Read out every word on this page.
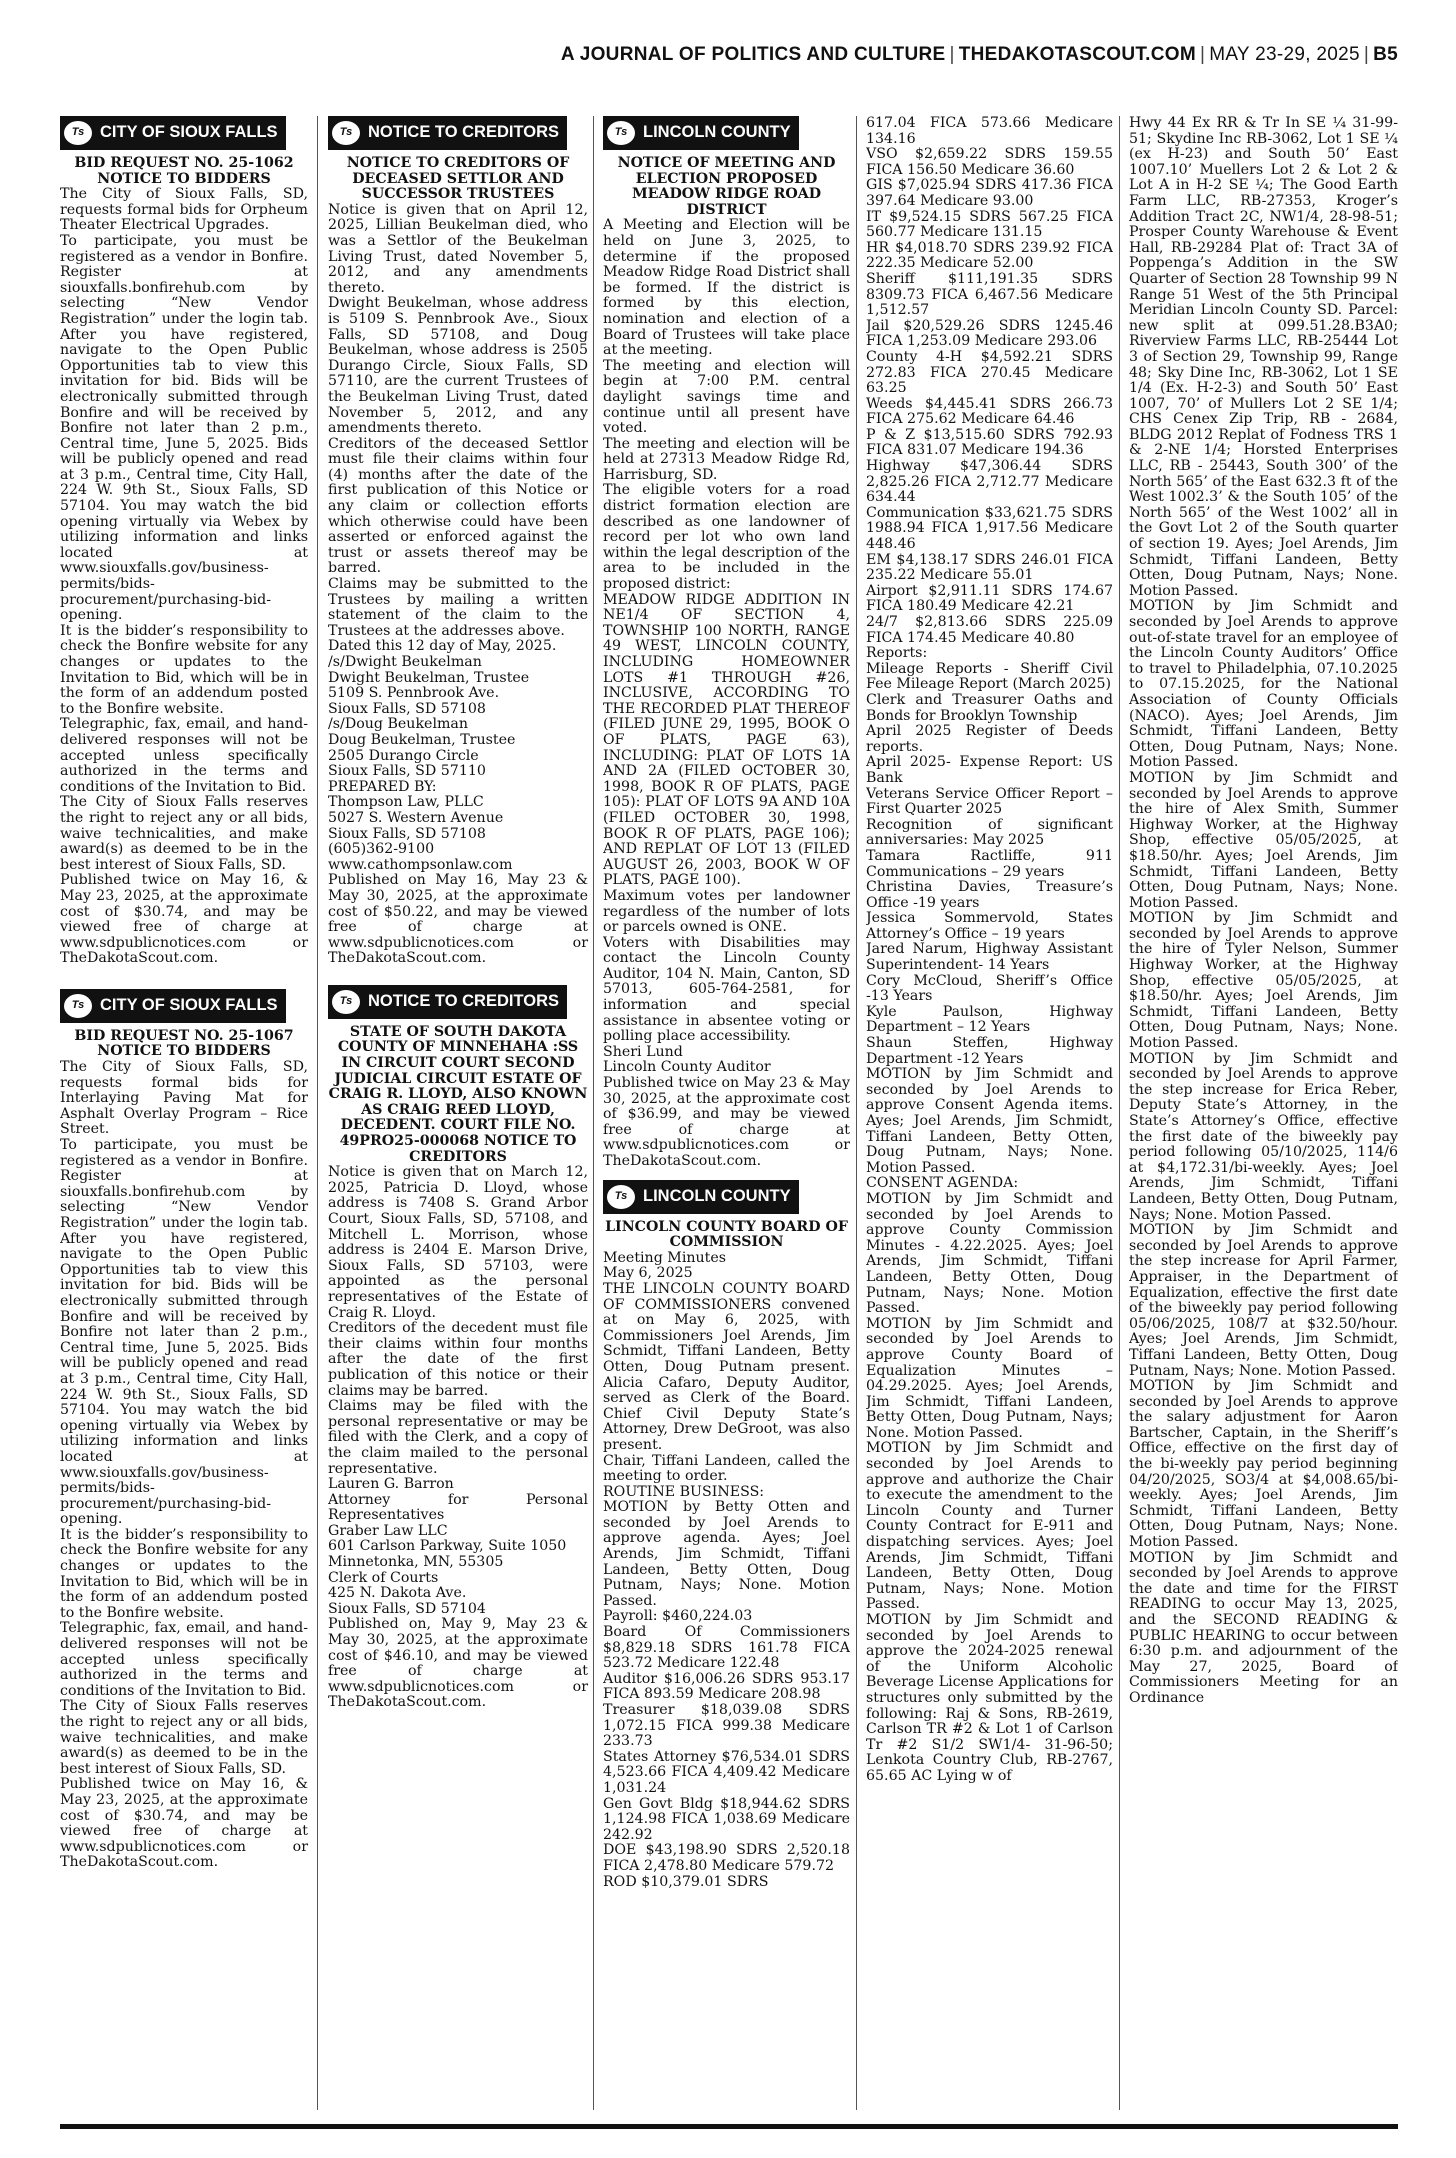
A JOURNAL OF POLITICS AND CULTURE | THEDAKOTASCOUT.COM | MAY 23-29, 2025 | B5
Ts CITY OF SIOUX FALLS

BID REQUEST NO. 25-1062 NOTICE TO BIDDERS

The City of Sioux Falls, SD, requests formal bids for Orpheum Theater Electrical Upgrades.

To participate, you must be registered as a vendor in Bonfire. Register at siouxfalls.bonfirehub.com by selecting “New Vendor Registration” under the login tab. After you have registered, navigate to the Open Public Opportunities tab to view this invitation for bid. Bids will be electronically submitted through Bonfire and will be received by Bonfire not later than 2 p.m., Central time, June 5, 2025. Bids will be publicly opened and read at 3 p.m., Central time, City Hall, 224 W. 9th St., Sioux Falls, SD 57104. You may watch the bid opening virtually via Webex by utilizing information and links located at www.siouxfalls.gov/business-permits/bids-procurement/purchasing-bid-opening.

It is the bidder’s responsibility to check the Bonfire website for any changes or updates to the Invitation to Bid, which will be in the form of an addendum posted to the Bonfire website.

Telegraphic, fax, email, and hand-delivered responses will not be accepted unless specifically authorized in the terms and conditions of the Invitation to Bid.

The City of Sioux Falls reserves the right to reject any or all bids, waive technicalities, and make award(s) as deemed to be in the best interest of Sioux Falls, SD.

Published twice on May 16, & May 23, 2025, at the approximate cost of $30.74, and may be viewed free of charge at www.sdpublicnotices.com or TheDakotaScout.com.

Ts CITY OF SIOUX FALLS

BID REQUEST NO. 25-1067 NOTICE TO BIDDERS

The City of Sioux Falls, SD, requests formal bids for Interlaying Paving Mat for Asphalt Overlay Program – Rice Street.

To participate, you must be registered as a vendor in Bonfire. Register at siouxfalls.bonfirehub.com by selecting “New Vendor Registration” under the login tab. After you have registered, navigate to the Open Public Opportunities tab to view this invitation for bid. Bids will be electronically submitted through Bonfire and will be received by Bonfire not later than 2 p.m., Central time, June 5, 2025. Bids will be publicly opened and read at 3 p.m., Central time, City Hall, 224 W. 9th St., Sioux Falls, SD 57104. You may watch the bid opening virtually via Webex by utilizing information and links located at www.siouxfalls.gov/business-permits/bids-procurement/purchasing-bid-opening.

It is the bidder’s responsibility to check the Bonfire website for any changes or updates to the Invitation to Bid, which will be in the form of an addendum posted to the Bonfire website.

Telegraphic, fax, email, and hand-delivered responses will not be accepted unless specifically authorized in the terms and conditions of the Invitation to Bid.

The City of Sioux Falls reserves the right to reject any or all bids, waive technicalities, and make award(s) as deemed to be in the best interest of Sioux Falls, SD.

Published twice on May 16, & May 23, 2025, at the approximate cost of $30.74, and may be viewed free of charge at www.sdpublicnotices.com or TheDakotaScout.com.

Ts NOTICE TO CREDITORS

NOTICE TO CREDITORS OF DECEASED SETTLOR AND SUCCESSOR TRUSTEES

Notice is given that on April 12, 2025, Lillian Beukelman died, who was a Settlor of the Beukelman Living Trust, dated November 5, 2012, and any amendments thereto.

Dwight Beukelman, whose address is 5109 S. Pennbrook Ave., Sioux Falls, SD 57108, and Doug Beukelman, whose address is 2505 Durango Circle, Sioux Falls, SD 57110, are the current Trustees of the Beukelman Living Trust, dated November 5, 2012, and any amendments thereto.

Creditors of the deceased Settlor must file their claims within four (4) months after the date of the first publication of this Notice or any claim or collection efforts which otherwise could have been asserted or enforced against the trust or assets thereof may be barred.

Claims may be submitted to the Trustees by mailing a written statement of the claim to the Trustees at the addresses above.

Dated this 12 day of May, 2025.

/s/Dwight Beukelman

Dwight Beukelman, Trustee

5109 S. Pennbrook Ave.

Sioux Falls, SD 57108

/s/Doug Beukelman

Doug Beukelman, Trustee

2505 Durango Circle

Sioux Falls, SD 57110

PREPARED BY:

Thompson Law, PLLC

5027 S. Western Avenue

Sioux Falls, SD 57108

(605)362-9100

www.cathompsonlaw.com

Published on May 16, May 23 & May 30, 2025, at the approximate cost of $50.22, and may be viewed free of charge at www.sdpublicnotices.com or TheDakotaScout.com.

Ts NOTICE TO CREDITORS

STATE OF SOUTH DAKOTA COUNTY OF MINNEHAHA :SS IN CIRCUIT COURT SECOND JUDICIAL CIRCUIT ESTATE OF CRAIG R. LLOYD, ALSO KNOWN AS CRAIG REED LLOYD, DECEDENT. COURT FILE NO. 49PRO25-000068 NOTICE TO CREDITORS

Notice is given that on March 12, 2025, Patricia D. Lloyd, whose address is 7408 S. Grand Arbor Court, Sioux Falls, SD, 57108, and Mitchell L. Morrison, whose address is 2404 E. Marson Drive, Sioux Falls, SD 57103, were appointed as the personal representatives of the Estate of Craig R. Lloyd.

Creditors of the decedent must file their claims within four months after the date of the first publication of this notice or their claims may be barred.

Claims may be filed with the personal representative or may be filed with the Clerk, and a copy of the claim mailed to the personal representative.

Lauren G. Barron

Attorney for Personal Representatives

Graber Law LLC

601 Carlson Parkway, Suite 1050

Minnetonka, MN, 55305

Clerk of Courts

425 N. Dakota Ave.

Sioux Falls, SD 57104

Published on, May 9, May 23 & May 30, 2025, at the approximate cost of $46.10, and may be viewed free of charge at www.sdpublicnotices.com or TheDakotaScout.com.

Ts LINCOLN COUNTY

NOTICE OF MEETING AND ELECTION PROPOSED MEADOW RIDGE ROAD DISTRICT

A Meeting and Election will be held on June 3, 2025, to determine if the proposed Meadow Ridge Road District shall be formed. If the district is formed by this election, nomination and election of a Board of Trustees will take place at the meeting.

The meeting and election will begin at 7:00 P.M. central daylight savings time and continue until all present have voted.

The meeting and election will be held at 27313 Meadow Ridge Rd, Harrisburg, SD.

The eligible voters for a road district formation election are described as one landowner of record per lot who own land within the legal description of the area to be included in the proposed district:

MEADOW RIDGE ADDITION IN NE1/4 OF SECTION 4, TOWNSHIP 100 NORTH, RANGE 49 WEST, LINCOLN COUNTY, INCLUDING HOMEOWNER LOTS #1 THROUGH #26, INCLUSIVE, ACCORDING TO THE RECORDED PLAT THEREOF (FILED JUNE 29, 1995, BOOK O OF PLATS, PAGE 63), INCLUDING: PLAT OF LOTS 1A AND 2A (FILED OCTOBER 30, 1998, BOOK R OF PLATS, PAGE 105): PLAT OF LOTS 9A AND 10A (FILED OCTOBER 30, 1998, BOOK R OF PLATS, PAGE 106); AND REPLAT OF LOT 13 (FILED AUGUST 26, 2003, BOOK W OF PLATS, PAGE 100).

Maximum votes per landowner regardless of the number of lots or parcels owned is ONE.

Voters with Disabilities may contact the Lincoln County Auditor, 104 N. Main, Canton, SD 57013, 605-764-2581, for information and special assistance in absentee voting or polling place accessibility.

Sheri Lund

Lincoln County Auditor

Published twice on May 23 & May 30, 2025, at the approximate cost of $36.99, and may be viewed free of charge at www.sdpublicnotices.com or TheDakotaScout.com.

Ts LINCOLN COUNTY

LINCOLN COUNTY BOARD OF COMMISSION

Meeting Minutes

May 6, 2025

THE LINCOLN COUNTY BOARD OF COMMISSIONERS convened at on May 6, 2025, with Commissioners Joel Arends, Jim Schmidt, Tiffani Landeen, Betty Otten, Doug Putnam present. Alicia Cafaro, Deputy Auditor, served as Clerk of the Board. Chief Civil Deputy State’s Attorney, Drew DeGroot, was also present.

Chair, Tiffani Landeen, called the meeting to order.

ROUTINE BUSINESS:

MOTION by Betty Otten and seconded by Joel Arends to approve agenda. Ayes; Joel Arends, Jim Schmidt, Tiffani Landeen, Betty Otten, Doug Putnam, Nays; None. Motion Passed.

Payroll: $460,224.03

Board Of Commissioners $8,829.18 SDRS 161.78 FICA 523.72 Medicare 122.48

Auditor $16,006.26 SDRS 953.17 FICA 893.59 Medicare 208.98

Treasurer $18,039.08 SDRS 1,072.15 FICA 999.38 Medicare 233.73

States Attorney $76,534.01 SDRS 4,523.66 FICA 4,409.42 Medicare 1,031.24

Gen Govt Bldg $18,944.62 SDRS 1,124.98 FICA 1,038.69 Medicare 242.92

DOE $43,198.90 SDRS 2,520.18 FICA 2,478.80 Medicare 579.72

ROD $10,379.01 SDRS

617.04 FICA 573.66 Medicare 134.16

VSO $2,659.22 SDRS 159.55 FICA 156.50 Medicare 36.60

GIS $7,025.94 SDRS 417.36 FICA 397.64 Medicare 93.00

IT $9,524.15 SDRS 567.25 FICA 560.77 Medicare 131.15

HR $4,018.70 SDRS 239.92 FICA 222.35 Medicare 52.00

Sheriff $111,191.35 SDRS 8309.73 FICA 6,467.56 Medicare 1,512.57

Jail $20,529.26 SDRS 1245.46 FICA 1,253.09 Medicare 293.06

County 4-H $4,592.21 SDRS 272.83 FICA 270.45 Medicare 63.25

Weeds $4,445.41 SDRS 266.73 FICA 275.62 Medicare 64.46

P & Z $13,515.60 SDRS 792.93 FICA 831.07 Medicare 194.36

Highway $47,306.44 SDRS 2,825.26 FICA 2,712.77 Medicare 634.44

Communication $33,621.75 SDRS 1988.94 FICA 1,917.56 Medicare 448.46

EM $4,138.17 SDRS 246.01 FICA 235.22 Medicare 55.01

Airport $2,911.11 SDRS 174.67 FICA 180.49 Medicare 42.21

24/7 $2,813.66 SDRS 225.09 FICA 174.45 Medicare 40.80

Reports:

Mileage Reports - Sheriff Civil Fee Mileage Report (March 2025)

Clerk and Treasurer Oaths and Bonds for Brooklyn Township

April 2025 Register of Deeds reports.

April 2025- Expense Report: US Bank

Veterans Service Officer Report – First Quarter 2025

Recognition of significant anniversaries: May 2025

Tamara Ractliffe, 911 Communications – 29 years

Christina Davies, Treasure’s Office -19 years

Jessica Sommervold, States Attorney’s Office – 19 years

Jared Narum, Highway Assistant Superintendent- 14 Years

Cory McCloud, Sheriff’s Office -13 Years

Kyle Paulson, Highway Department – 12 Years

Shaun Steffen, Highway Department -12 Years

MOTION by Jim Schmidt and seconded by Joel Arends to approve Consent Agenda items. Ayes; Joel Arends, Jim Schmidt, Tiffani Landeen, Betty Otten, Doug Putnam, Nays; None. Motion Passed.

CONSENT AGENDA:

MOTION by Jim Schmidt and seconded by Joel Arends to approve County Commission Minutes - 4.22.2025. Ayes; Joel Arends, Jim Schmidt, Tiffani Landeen, Betty Otten, Doug Putnam, Nays; None. Motion Passed.

MOTION by Jim Schmidt and seconded by Joel Arends to approve County Board of Equalization Minutes – 04.29.2025. Ayes; Joel Arends, Jim Schmidt, Tiffani Landeen, Betty Otten, Doug Putnam, Nays; None. Motion Passed.

MOTION by Jim Schmidt and seconded by Joel Arends to approve and authorize the Chair to execute the amendment to the Lincoln County and Turner County Contract for E-911 and dispatching services. Ayes; Joel Arends, Jim Schmidt, Tiffani Landeen, Betty Otten, Doug Putnam, Nays; None. Motion Passed.

MOTION by Jim Schmidt and seconded by Joel Arends to approve the 2024-2025 renewal of the Uniform Alcoholic Beverage License Applications for structures only submitted by the following: Raj & Sons, RB-2619, Carlson TR #2 & Lot 1 of Carlson Tr #2 S1/2 SW1/4- 31-96-50; Lenkota Country Club, RB-2767, 65.65 AC Lying w of

Hwy 44 Ex RR & Tr In SE ¼ 31-99-51; Skydine Inc RB-3062, Lot 1 SE ¼ (ex H-23) and South 50’ East 1007.10’ Muellers Lot 2 & Lot 2 & Lot A in H-2 SE ¼; The Good Earth Farm LLC, RB-27353, Kroger’s Addition Tract 2C, NW1/4, 28-98-51; Prosper County Warehouse & Event Hall, RB-29284 Plat of: Tract 3A of Poppenga’s Addition in the SW Quarter of Section 28 Township 99 N Range 51 West of the 5th Principal Meridian Lincoln County SD. Parcel: new split at 099.51.28.B3A0; Riverview Farms LLC, RB-25444 Lot 3 of Section 29, Township 99, Range 48; Sky Dine Inc, RB-3062, Lot 1 SE 1/4 (Ex. H-2-3) and South 50’ East 1007, 70’ of Mullers Lot 2 SE 1/4; CHS Cenex Zip Trip, RB - 2684, BLDG 2012 Replat of Fodness TRS 1 & 2-NE 1/4; Horsted Enterprises LLC, RB - 25443, South 300’ of the North 565’ of the East 632.3 ft of the West 1002.3’ & the South 105’ of the North 565’ of the West 1002’ all in the Govt Lot 2 of the South quarter of section 19. Ayes; Joel Arends, Jim Schmidt, Tiffani Landeen, Betty Otten, Doug Putnam, Nays; None. Motion Passed.

MOTION by Jim Schmidt and seconded by Joel Arends to approve out-of-state travel for an employee of the Lincoln County Auditors’ Office to travel to Philadelphia, 07.10.2025 to 07.15.2025, for the National Association of County Officials (NACO). Ayes; Joel Arends, Jim Schmidt, Tiffani Landeen, Betty Otten, Doug Putnam, Nays; None. Motion Passed.

MOTION by Jim Schmidt and seconded by Joel Arends to approve the hire of Alex Smith, Summer Highway Worker, at the Highway Shop, effective 05/05/2025, at $18.50/hr. Ayes; Joel Arends, Jim Schmidt, Tiffani Landeen, Betty Otten, Doug Putnam, Nays; None. Motion Passed.

MOTION by Jim Schmidt and seconded by Joel Arends to approve the hire of Tyler Nelson, Summer Highway Worker, at the Highway Shop, effective 05/05/2025, at $18.50/hr. Ayes; Joel Arends, Jim Schmidt, Tiffani Landeen, Betty Otten, Doug Putnam, Nays; None. Motion Passed.

MOTION by Jim Schmidt and seconded by Joel Arends to approve the step increase for Erica Reber, Deputy State’s Attorney, in the State’s Attorney’s Office, effective the first date of the biweekly pay period following 05/10/2025, 114/6 at $4,172.31/bi-weekly. Ayes; Joel Arends, Jim Schmidt, Tiffani Landeen, Betty Otten, Doug Putnam, Nays; None. Motion Passed.

MOTION by Jim Schmidt and seconded by Joel Arends to approve the step increase for April Farmer, Appraiser, in the Department of Equalization, effective the first date of the biweekly pay period following 05/06/2025, 108/7 at $32.50/hour. Ayes; Joel Arends, Jim Schmidt, Tiffani Landeen, Betty Otten, Doug Putnam, Nays; None. Motion Passed.

MOTION by Jim Schmidt and seconded by Joel Arends to approve the salary adjustment for Aaron Bartscher, Captain, in the Sheriff’s Office, effective on the first day of the bi-weekly pay period beginning 04/20/2025, SO3/4 at $4,008.65/bi-weekly. Ayes; Joel Arends, Jim Schmidt, Tiffani Landeen, Betty Otten, Doug Putnam, Nays; None. Motion Passed.

MOTION by Jim Schmidt and seconded by Joel Arends to approve the date and time for the FIRST READING to occur May 13, 2025, and the SECOND READING & PUBLIC HEARING to occur between 6:30 p.m. and adjournment of the May 27, 2025, Board of Commissioners Meeting for an Ordinance
